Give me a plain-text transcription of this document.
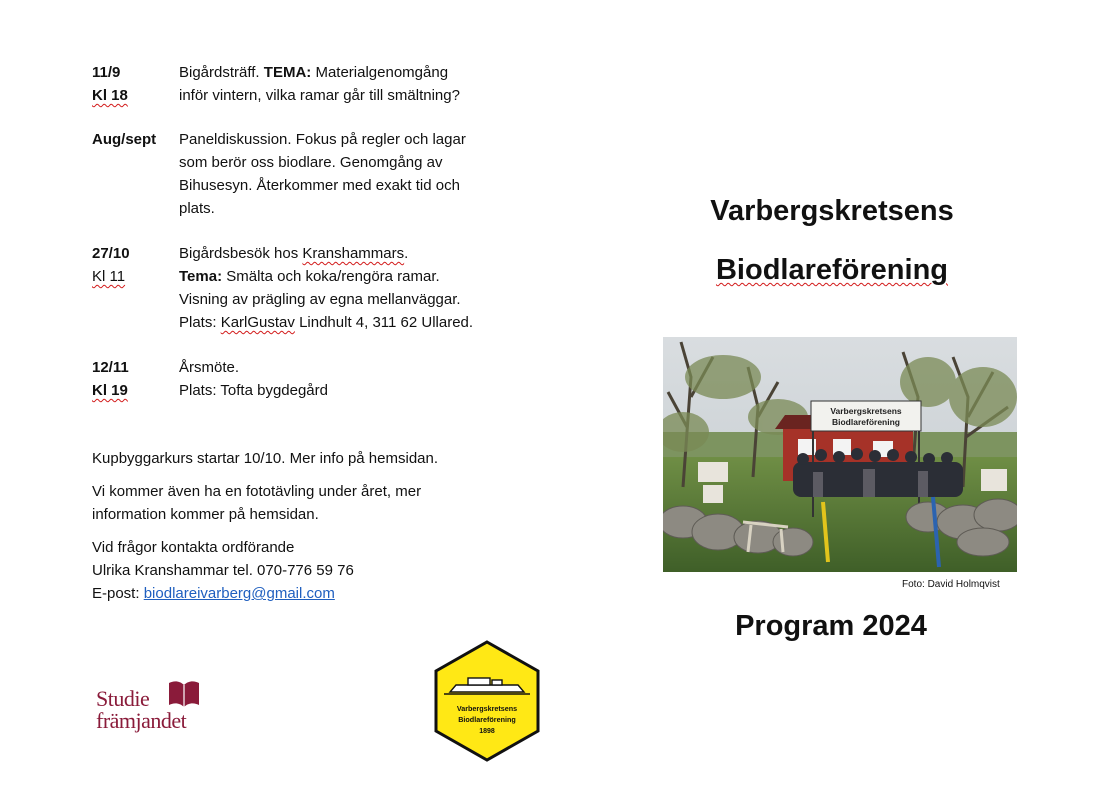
11/9	Bigårdsträff. TEMA: Materialgenomgång
Kl 18	inför vintern, vilka ramar går till smältning?
Aug/sept	Paneldiskussion. Fokus på regler och lagar
som berör oss biodlare. Genomgång av
Bihusesyn. Återkommer med exakt tid och
plats.
27/10	Bigårdsbesök hos Kranshammars.
Kl 11	Tema: Smälta och koka/rengöra ramar.
Visning av prägling av egna mellanväggar.
Plats: KarlGustav Lindhult 4, 311 62 Ullared.
12/11	Årsmöte.
Kl 19	Plats: Tofta bygdegård
Kupbyggarkurs startar 10/10. Mer info på hemsidan.
Vi kommer även ha en fototävling under året, mer
information kommer på hemsidan.
Vid frågor kontakta ordförande
Ulrika Kranshammar tel. 070-776 59 76
E-post: biodlareivarberg@gmail.com
Varbergskretsens
Biodlareförening
Varbergskretsens
Biodlareförening
Foto: David Holmqvist
Program 2024
Studie
främjandet	Varbergskretsens
Biodlareförening
1898
